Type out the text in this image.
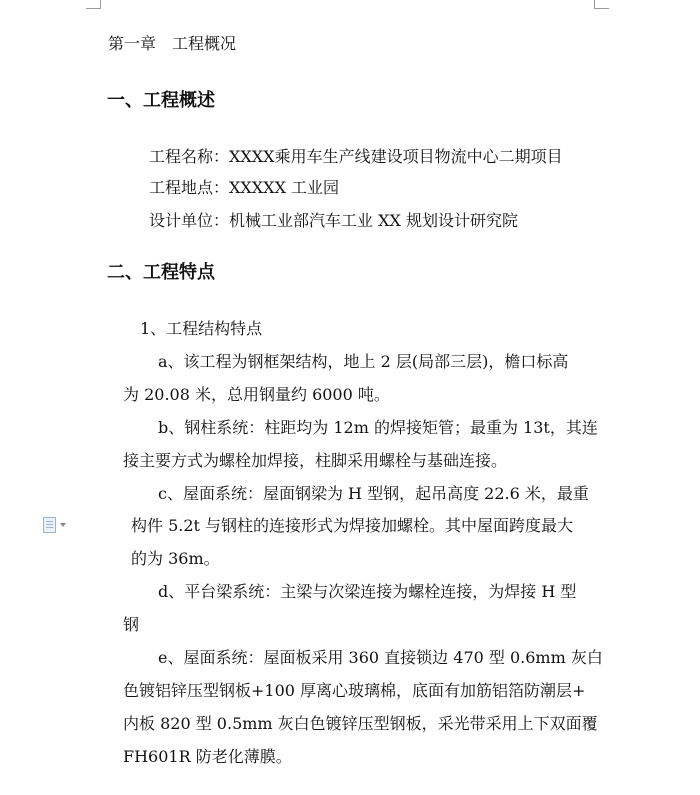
第一章　工程概况
一、工程概述
工程名称：XXXX乘用车生产线建设项目物流中心二期项目
工程地点：XXXXX 工业园
设计单位：机械工业部汽车工业 XX 规划设计研究院
二、工程特点
1、工程结构特点
a、该工程为钢框架结构，地上 2 层(局部三层)，檐口标高
为 20.08 米，总用钢量约 6000 吨。
b、钢柱系统：柱距均为 12m 的焊接矩管；最重为 13t，其连
接主要方式为螺栓加焊接，柱脚采用螺栓与基础连接。
c、屋面系统：屋面钢梁为 H 型钢，起吊高度 22.6 米，最重
构件 5.2t 与钢柱的连接形式为焊接加螺栓。其中屋面跨度最大
的为 36m。
d、平台梁系统：主梁与次梁连接为螺栓连接，为焊接 H 型
钢
e、屋面系统：屋面板采用 360 直接锁边 470 型 0.6mm 灰白
色镀铝锌压型钢板+100 厚离心玻璃棉，底面有加筋铝箔防潮层+
内板 820 型 0.5mm 灰白色镀锌压型钢板，采光带采用上下双面覆
FH601R 防老化薄膜。
